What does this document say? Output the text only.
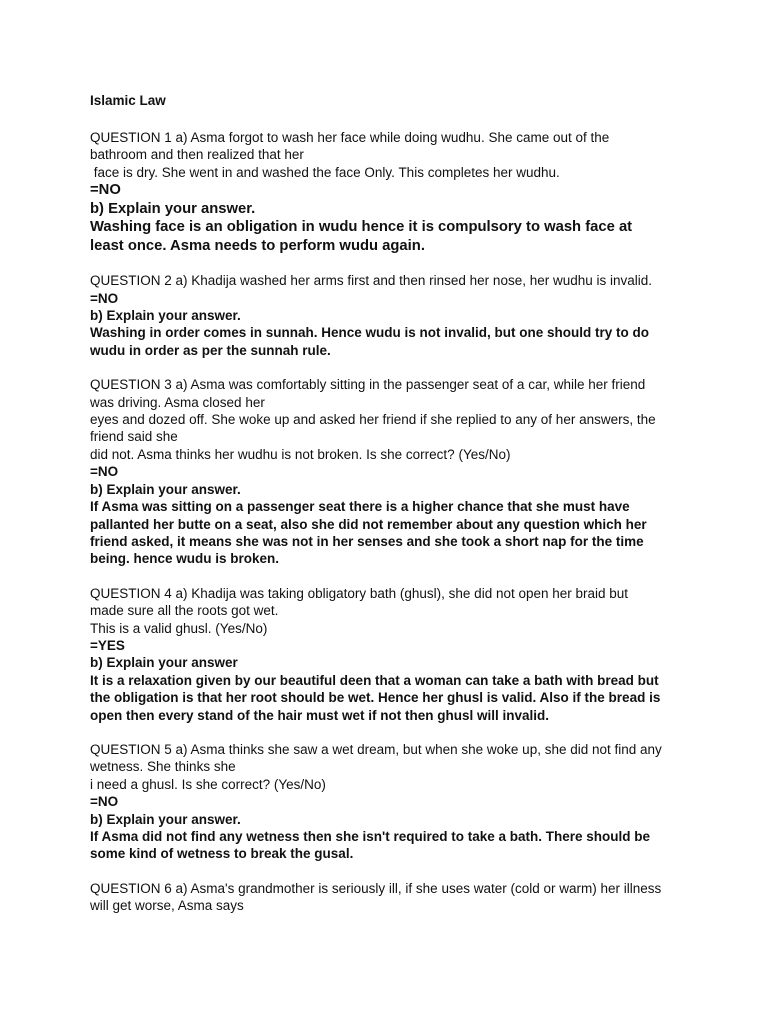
Islamic Law
QUESTION 1 a) Asma forgot to wash her face while doing wudhu. She came out of the
bathroom and then realized that her
face is dry. She went in and washed the face Only. This completes her wudhu.
=NO
b) Explain your answer.
Washing face is an obligation in wudu hence it is compulsory to wash face at
least once. Asma needs to perform wudu again.
QUESTION 2 a) Khadija washed her arms first and then rinsed her nose, her wudhu is invalid.
=NO
b) Explain your answer.
Washing in order comes in sunnah. Hence wudu is not invalid, but one should try to do
wudu in order as per the sunnah rule.
QUESTION 3 a) Asma was comfortably sitting in the passenger seat of a car, while her friend
was driving. Asma closed her
eyes and dozed off. She woke up and asked her friend if she replied to any of her answers, the
friend said she
did not. Asma thinks her wudhu is not broken. Is she correct? (Yes/No)
=NO
b) Explain your answer.
If Asma was sitting on a passenger seat there is a higher chance that she must have
pallanted her butte on a seat, also she did not remember about any question which her
friend asked, it means she was not in her senses and she took a short nap for the time
being. hence wudu is broken.
QUESTION 4 a) Khadija was taking obligatory bath (ghusl), she did not open her braid but
made sure all the roots got wet.
This is a valid ghusl. (Yes/No)
=YES
b) Explain your answer
It is a relaxation given by our beautiful deen that a woman can take a bath with bread but
the obligation is that her root should be wet. Hence her ghusl is valid. Also if the bread is
open then every stand of the hair must wet if not then ghusl will invalid.
QUESTION 5 a) Asma thinks she saw a wet dream, but when she woke up, she did not find any
wetness. She thinks she
i need a ghusl. Is she correct? (Yes/No)
=NO
b) Explain your answer.
If Asma did not find any wetness then she isn't required to take a bath. There should be
some kind of wetness to break the gusal.
QUESTION 6 a) Asma's grandmother is seriously ill, if she uses water (cold or warm) her illness
will get worse, Asma says
